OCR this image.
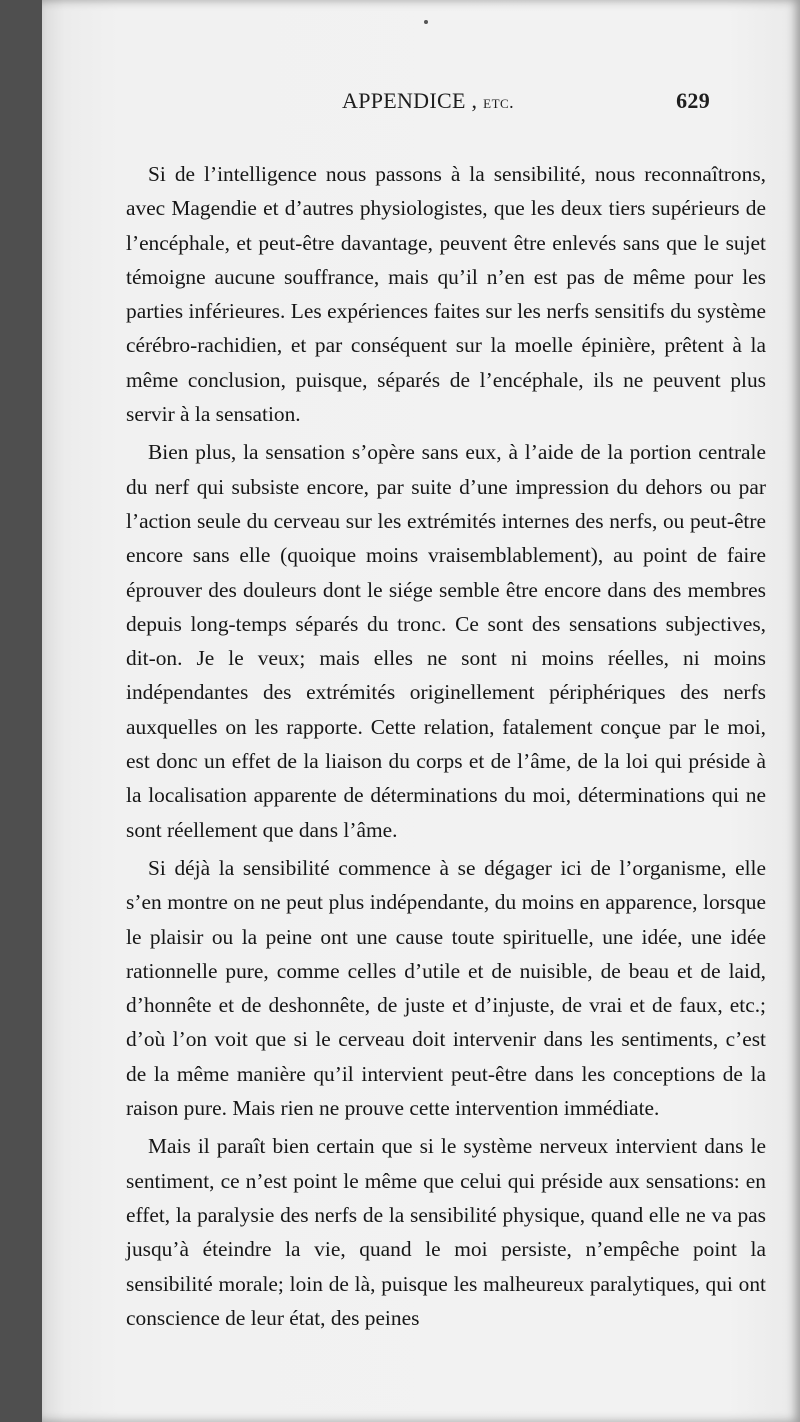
APPENDICE , etc.	629

Si de l’intelligence nous passons à la sensibilité, nous reconnaîtrons, avec Magendie et d’autres physiologistes, que les deux tiers supérieurs de l’encéphale, et peut-être davantage, peuvent être enlevés sans que le sujet témoigne aucune souffrance, mais qu’il n’en est pas de même pour les parties inférieures. Les expériences faites sur les nerfs sensitifs du système cérébro-rachidien, et par conséquent sur la moelle épinière, prêtent à la même conclusion, puisque, séparés de l’encéphale, ils ne peuvent plus servir à la sensation.

Bien plus, la sensation s’opère sans eux, à l’aide de la portion centrale du nerf qui subsiste encore, par suite d’une impression du dehors ou par l’action seule du cerveau sur les extrémités internes des nerfs, ou peut-être encore sans elle (quoique moins vraisemblablement), au point de faire éprouver des douleurs dont le siége semble être encore dans des membres depuis long-temps séparés du tronc. Ce sont des sensations subjectives, dit-on. Je le veux; mais elles ne sont ni moins réelles, ni moins indépendantes des extrémités originellement périphériques des nerfs auxquelles on les rapporte. Cette relation, fatalement conçue par le moi, est donc un effet de la liaison du corps et de l’âme, de la loi qui préside à la localisation apparente de déterminations du moi, déterminations qui ne sont réellement que dans l’âme.

Si déjà la sensibilité commence à se dégager ici de l’organisme, elle s’en montre on ne peut plus indépendante, du moins en apparence, lorsque le plaisir ou la peine ont une cause toute spirituelle, une idée, une idée rationnelle pure, comme celles d’utile et de nuisible, de beau et de laid, d’honnête et de deshonnête, de juste et d’injuste, de vrai et de faux, etc.; d’où l’on voit que si le cerveau doit intervenir dans les sentiments, c’est de la même manière qu’il intervient peut-être dans les conceptions de la raison pure. Mais rien ne prouve cette intervention immédiate.

Mais il paraît bien certain que si le système nerveux intervient dans le sentiment, ce n’est point le même que celui qui préside aux sensations: en effet, la paralysie des nerfs de la sensibilité physique, quand elle ne va pas jusqu’à éteindre la vie, quand le moi persiste, n’empêche point la sensibilité morale; loin de là, puisque les malheureux paralytiques, qui ont conscience de leur état, des peines
